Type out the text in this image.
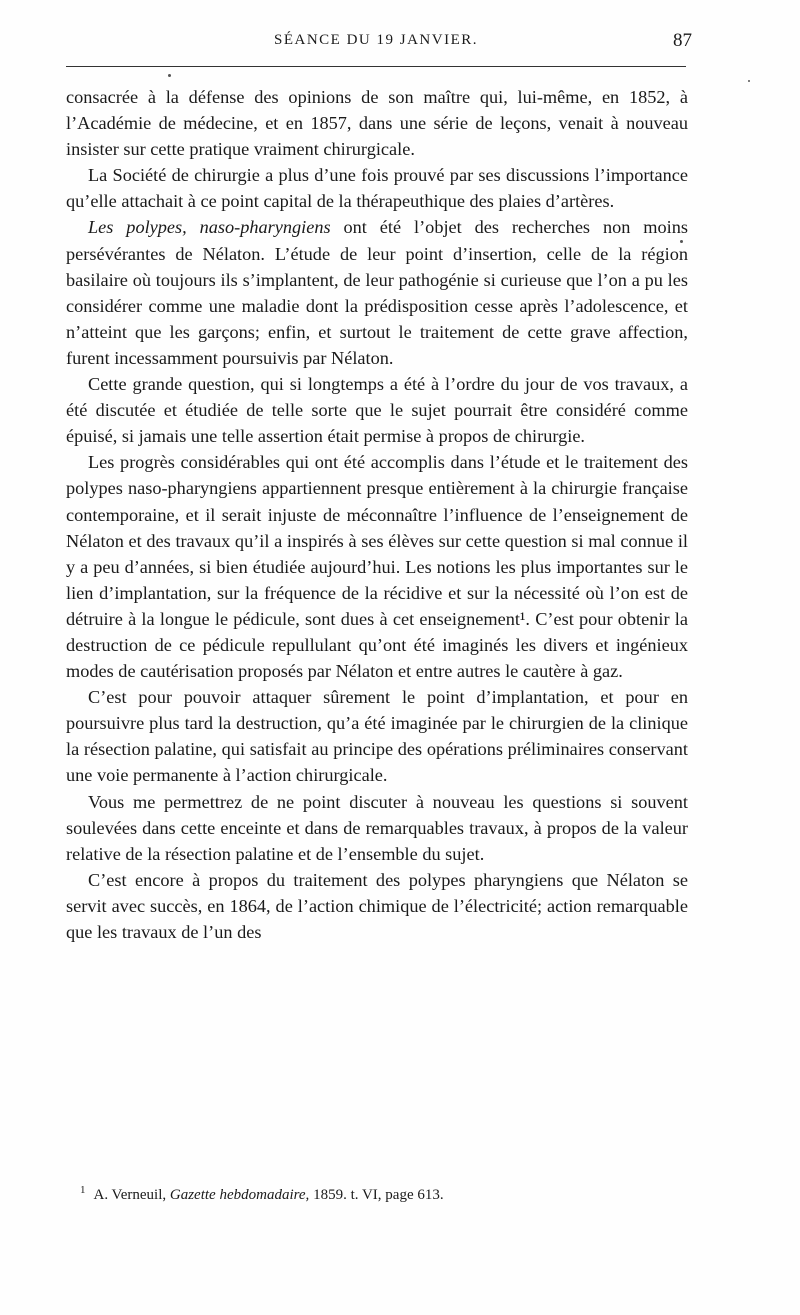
SÉANCE DU 19 JANVIER.	87

consacrée à la défense des opinions de son maître qui, lui-même, en 1852, à l’Académie de médecine, et en 1857, dans une série de leçons, venait à nouveau insister sur cette pratique vraiment chirurgicale.

La Société de chirurgie a plus d’une fois prouvé par ses discussions l’importance qu’elle attachait à ce point capital de la thérapeuthique des plaies d’artères.

Les polypes, naso-pharyngiens ont été l’objet des recherches non moins persévérantes de Nélaton. L’étude de leur point d’insertion, celle de la région basilaire où toujours ils s’implantent, de leur pathogénie si curieuse que l’on a pu les considérer comme une maladie dont la prédisposition cesse après l’adolescence, et n’atteint que les garçons; enfin, et surtout le traitement de cette grave affection, furent incessamment poursuivis par Nélaton.

Cette grande question, qui si longtemps a été à l’ordre du jour de vos travaux, a été discutée et étudiée de telle sorte que le sujet pourrait être considéré comme épuisé, si jamais une telle assertion était permise à propos de chirurgie.

Les progrès considérables qui ont été accomplis dans l’étude et le traitement des polypes naso-pharyngiens appartiennent presque entièrement à la chirurgie française contemporaine, et il serait injuste de méconnaître l’influence de l’enseignement de Nélaton et des travaux qu’il a inspirés à ses élèves sur cette question si mal connue il y a peu d’années, si bien étudiée aujourd’hui. Les notions les plus importantes sur le lien d’implantation, sur la fréquence de la récidive et sur la nécessité où l’on est de détruire à la longue le pédicule, sont dues à cet enseignement¹. C’est pour obtenir la destruction de ce pédicule repullulant qu’ont été imaginés les divers et ingénieux modes de cautérisation proposés par Nélaton et entre autres le cautère à gaz.

C’est pour pouvoir attaquer sûrement le point d’implantation, et pour en poursuivre plus tard la destruction, qu’a été imaginée par le chirurgien de la clinique la résection palatine, qui satisfait au principe des opérations préliminaires conservant une voie permanente à l’action chirurgicale.

Vous me permettrez de ne point discuter à nouveau les questions si souvent soulevées dans cette enceinte et dans de remarquables travaux, à propos de la valeur relative de la résection palatine et de l’ensemble du sujet.

C’est encore à propos du traitement des polypes pharyngiens que Nélaton se servit avec succès, en 1864, de l’action chimique de l’électricité; action remarquable que les travaux de l’un des

$^1$ A. Verneuil, Gazette hebdomadaire, 1859. t. VI, page 613.
